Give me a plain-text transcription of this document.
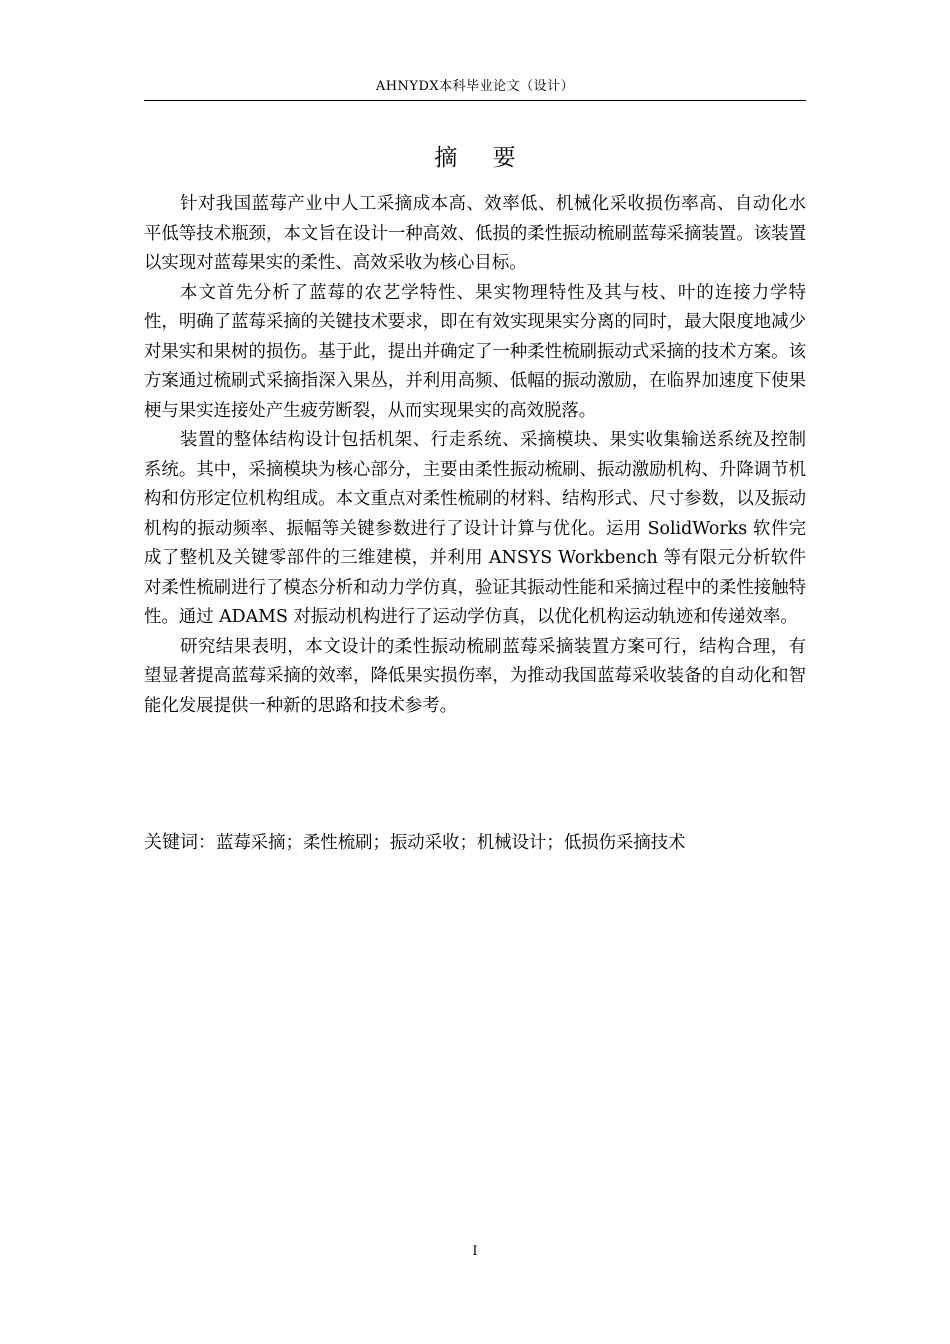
AHNYDX本科毕业论文（设计）
摘 要

针对我国蓝莓产业中人工采摘成本高、效率低、机械化采收损伤率高、自动化水平低等技术瓶颈，本文旨在设计一种高效、低损的柔性振动梳刷蓝莓采摘装置。该装置以实现对蓝莓果实的柔性、高效采收为核心目标。

本文首先分析了蓝莓的农艺学特性、果实物理特性及其与枝、叶的连接力学特性，明确了蓝莓采摘的关键技术要求，即在有效实现果实分离的同时，最大限度地减少对果实和果树的损伤。基于此，提出并确定了一种柔性梳刷振动式采摘的技术方案。该方案通过梳刷式采摘指深入果丛，并利用高频、低幅的振动激励，在临界加速度下使果梗与果实连接处产生疲劳断裂，从而实现果实的高效脱落。

装置的整体结构设计包括机架、行走系统、采摘模块、果实收集输送系统及控制系统。其中，采摘模块为核心部分，主要由柔性振动梳刷、振动激励机构、升降调节机构和仿形定位机构组成。本文重点对柔性梳刷的材料、结构形式、尺寸参数，以及振动机构的振动频率、振幅等关键参数进行了设计计算与优化。运用 SolidWorks 软件完成了整机及关键零部件的三维建模，并利用 ANSYS Workbench 等有限元分析软件对柔性梳刷进行了模态分析和动力学仿真，验证其振动性能和采摘过程中的柔性接触特性。通过 ADAMS 对振动机构进行了运动学仿真，以优化机构运动轨迹和传递效率。

研究结果表明，本文设计的柔性振动梳刷蓝莓采摘装置方案可行，结构合理，有望显著提高蓝莓采摘的效率，降低果实损伤率，为推动我国蓝莓采收装备的自动化和智能化发展提供一种新的思路和技术参考。

关键词：蓝莓采摘；柔性梳刷；振动采收；机械设计；低损伤采摘技术
I
